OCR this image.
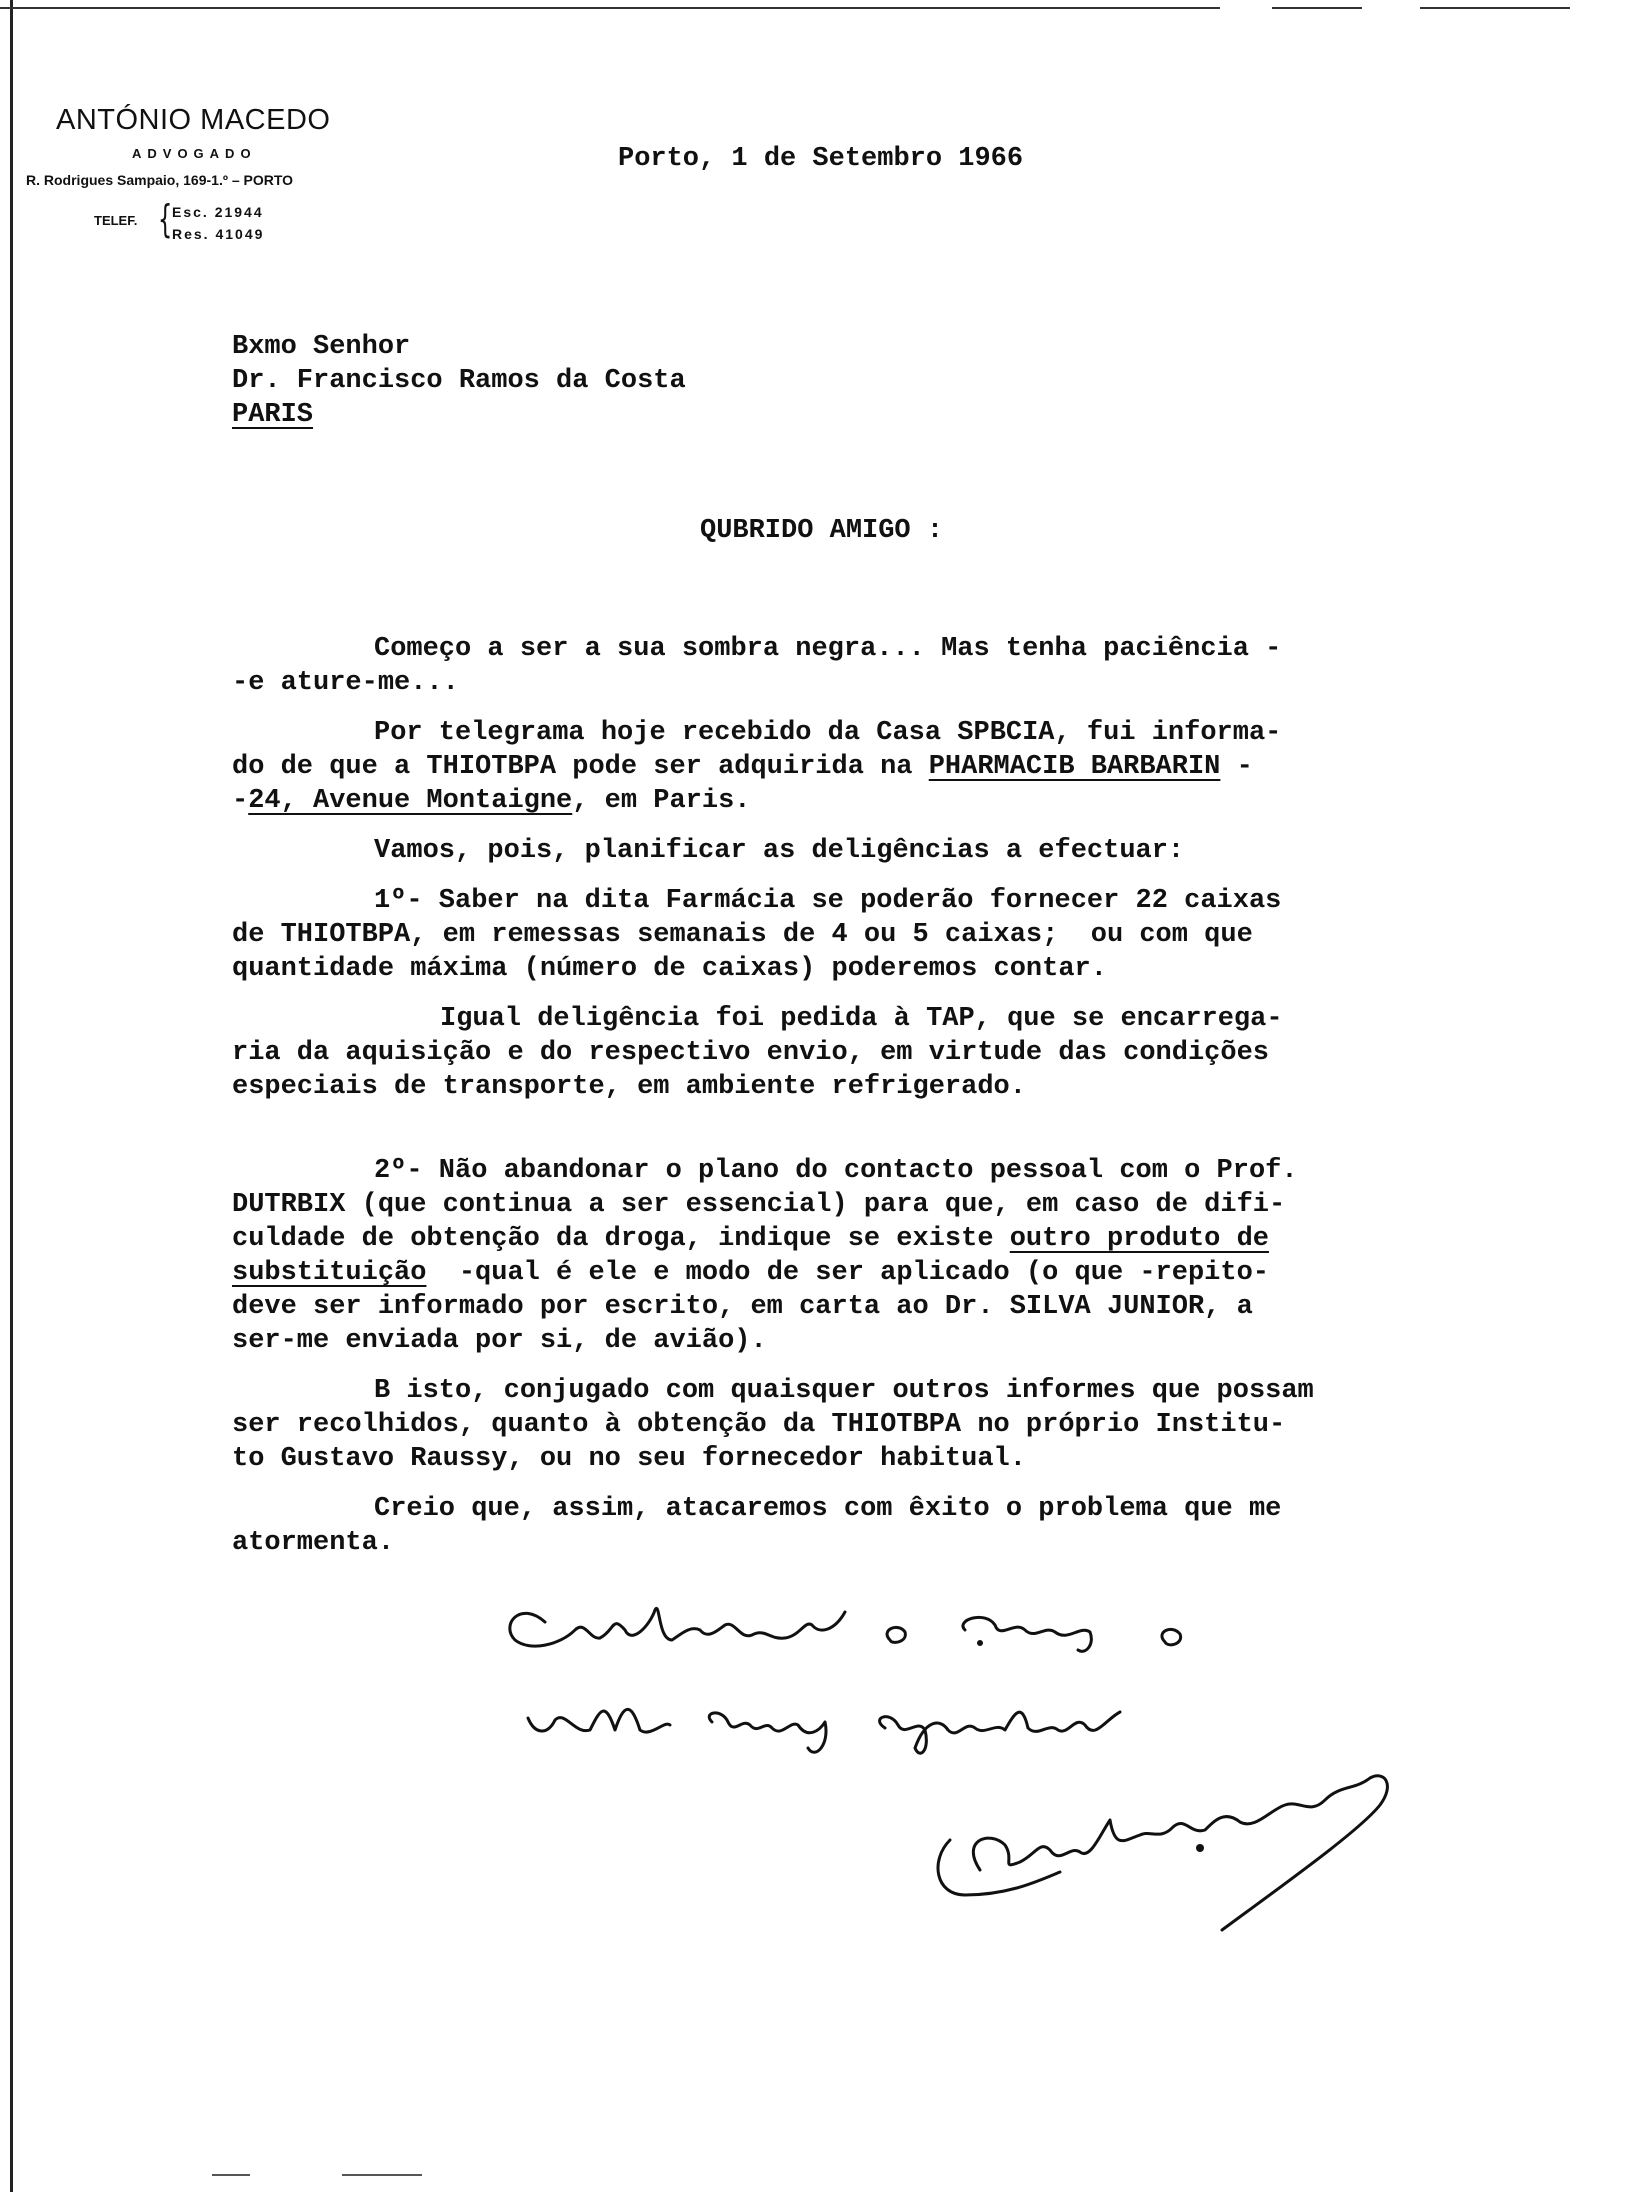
ANTÓNIO MACEDO
ADVOGADO
R. Rodrigues Sampaio, 169-1.º – PORTO
TELEF. { Esc. 21944
Res. 41049
Porto, 1 de Setembro 1966
Bxmo Senhor
Dr. Francisco Ramos da Costa
PARIS
QUBRIDO AMIGO :
Começo a ser a sua sombra negra... Mas tenha paciência -
-e ature-me...
Por telegrama hoje recebido da Casa SPBCIA, fui informa-
do de que a THIOTBPA pode ser adquirida na PHARMACIB BARBARIN -
-24, Avenue Montaigne, em Paris.
Vamos, pois, planificar as deligências a efectuar:
1º- Saber na dita Farmácia se poderão fornecer 22 caixas
de THIOTBPA, em remessas semanais de 4 ou 5 caixas;  ou com que
quantidade máxima (número de caixas) poderemos contar.
Igual deligência foi pedida à TAP, que se encarrega-
ria da aquisição e do respectivo envio, em virtude das condições
especiais de transporte, em ambiente refrigerado.
2º- Não abandonar o plano do contacto pessoal com o Prof.
DUTRBIX (que continua a ser essencial) para que, em caso de difi-
culdade de obtenção da droga, indique se existe outro produto de
substituição  -qual é ele e modo de ser aplicado (o que -repito-
deve ser informado por escrito, em carta ao Dr. SILVA JUNIOR, a
ser-me enviada por si, de avião).
B isto, conjugado com quaisquer outros informes que possam
ser recolhidos, quanto à obtenção da THIOTBPA no próprio Institu-
to Gustavo Raussy, ou no seu fornecedor habitual.
Creio que, assim, atacaremos com êxito o problema que me
atormenta.
